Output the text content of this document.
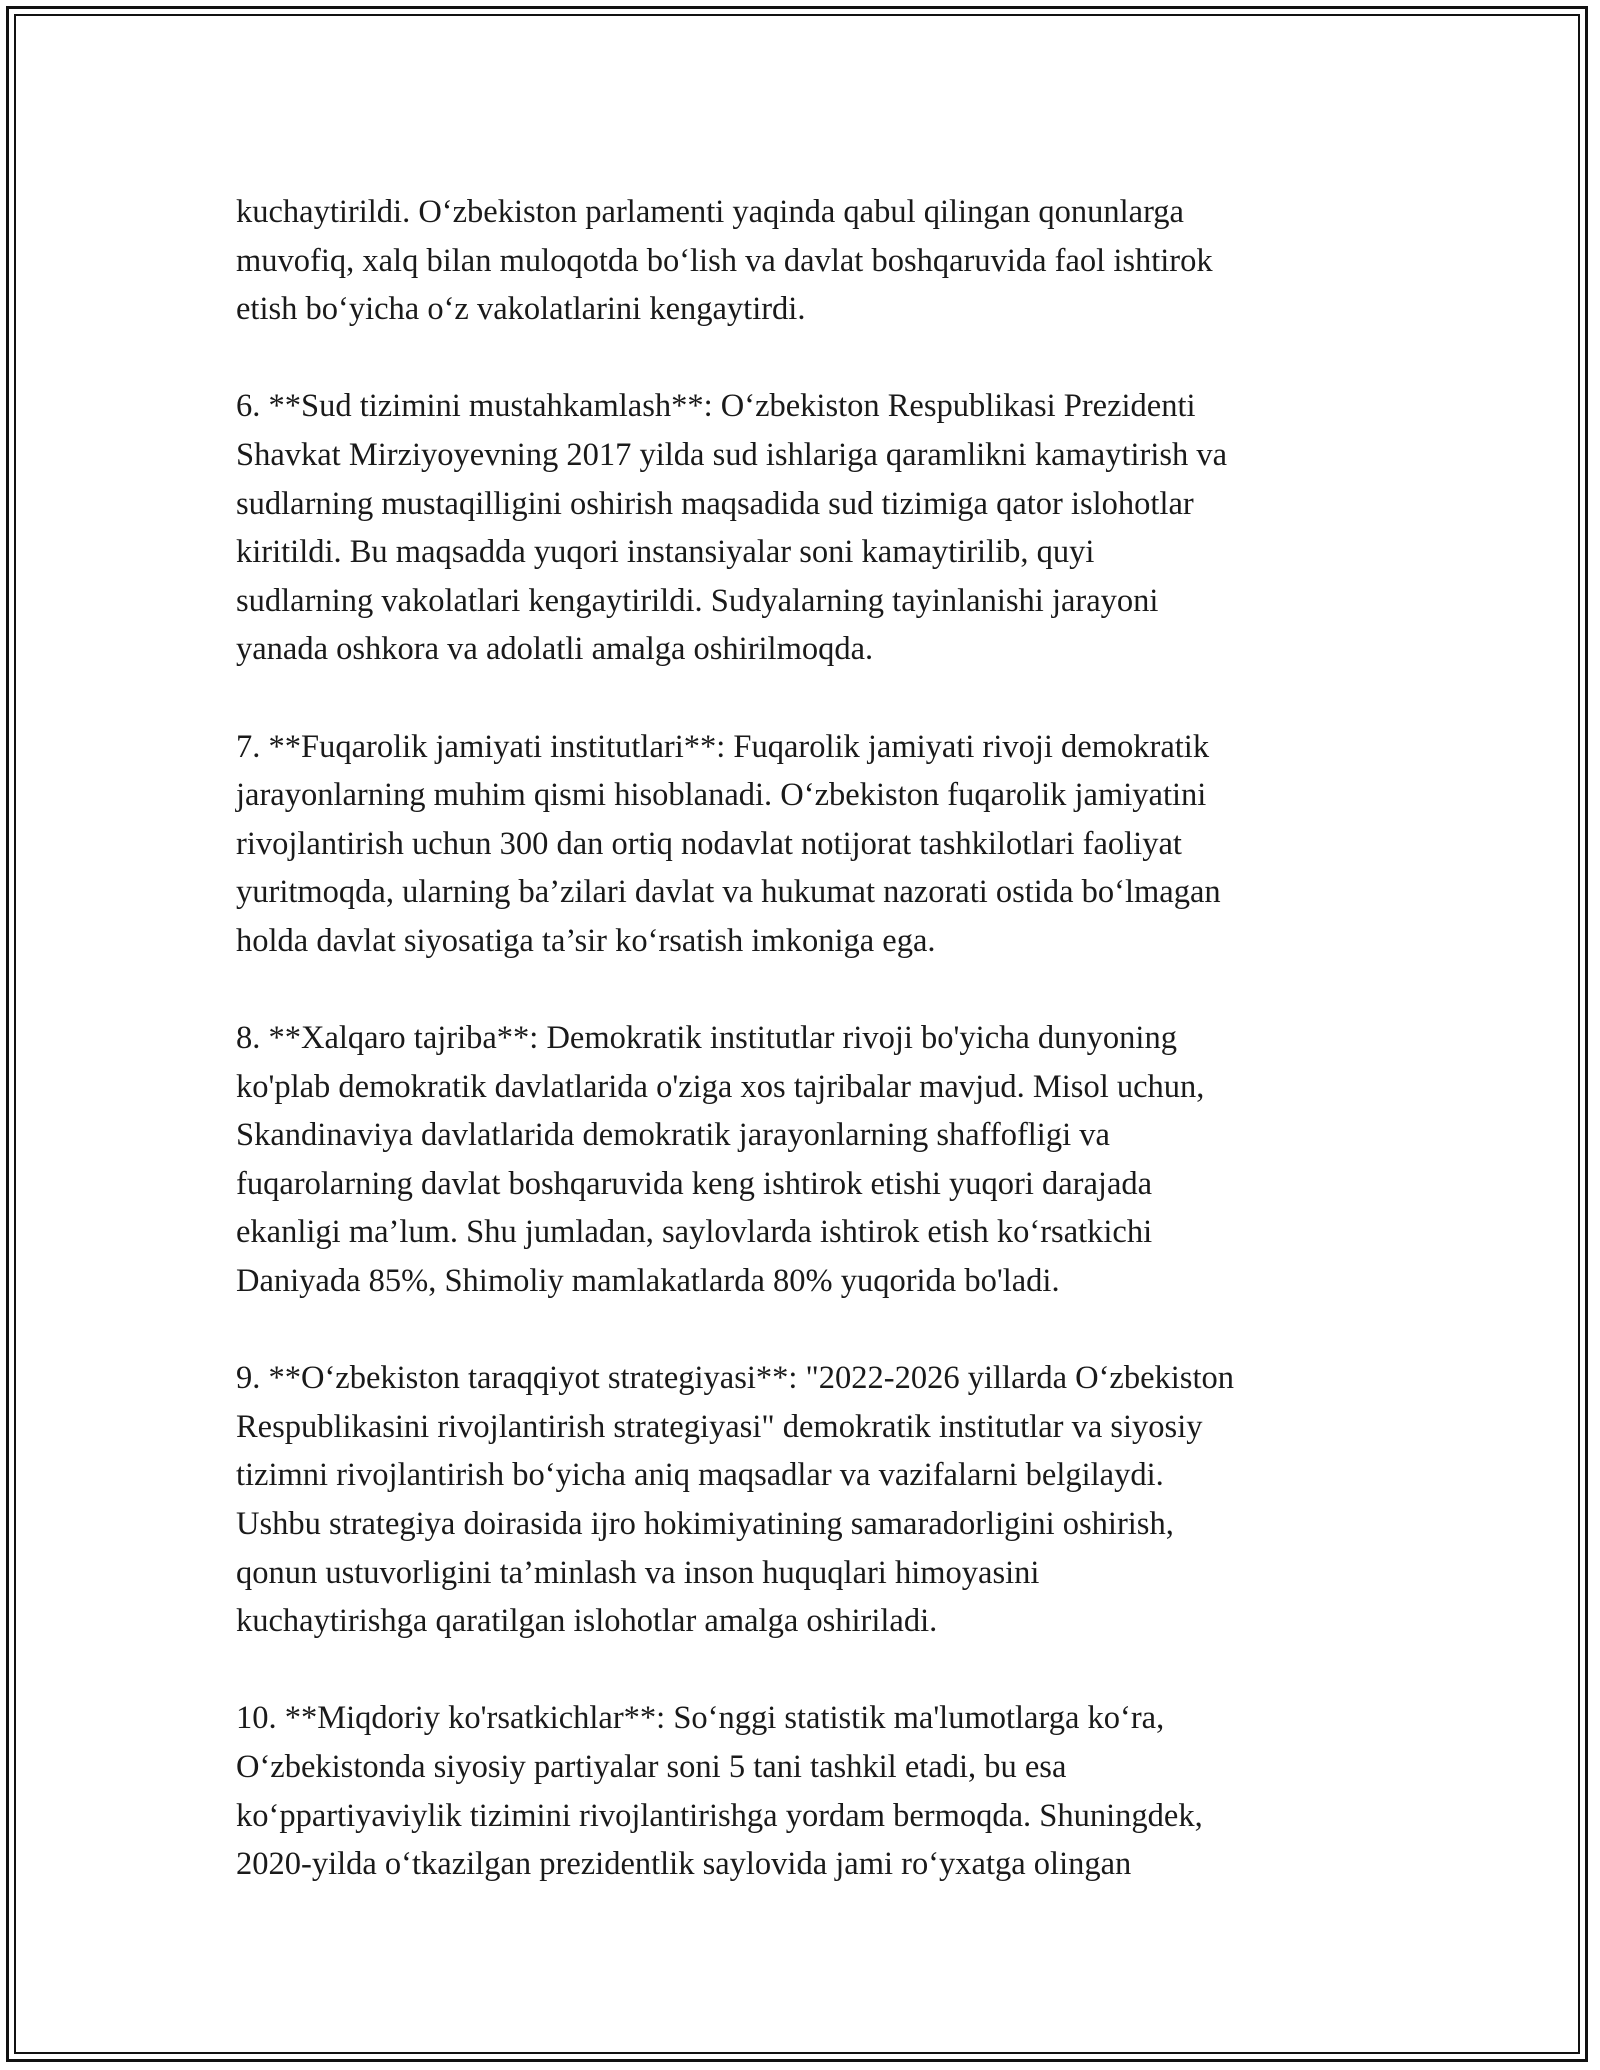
kuchaytirildi. O‘zbekiston parlamenti yaqinda qabul qilingan qonunlarga
muvofiq, xalq bilan muloqotda bo‘lish va davlat boshqaruvida faol ishtirok
etish bo‘yicha o‘z vakolatlarini kengaytirdi.

6. **Sud tizimini mustahkamlash**: O‘zbekiston Respublikasi Prezidenti
Shavkat Mirziyoyevning 2017 yilda sud ishlariga qaramlikni kamaytirish va
sudlarning mustaqilligini oshirish maqsadida sud tizimiga qator islohotlar
kiritildi. Bu maqsadda yuqori instansiyalar soni kamaytirilib, quyi
sudlarning vakolatlari kengaytirildi. Sudyalarning tayinlanishi jarayoni
yanada oshkora va adolatli amalga oshirilmoqda.

7. **Fuqarolik jamiyati institutlari**: Fuqarolik jamiyati rivoji demokratik
jarayonlarning muhim qismi hisoblanadi. O‘zbekiston fuqarolik jamiyatini
rivojlantirish uchun 300 dan ortiq nodavlat notijorat tashkilotlari faoliyat
yuritmoqda, ularning ba’zilari davlat va hukumat nazorati ostida bo‘lmagan
holda davlat siyosatiga ta’sir ko‘rsatish imkoniga ega.

8. **Xalqaro tajriba**: Demokratik institutlar rivoji bo'yicha dunyoning
ko'plab demokratik davlatlarida o'ziga xos tajribalar mavjud. Misol uchun,
Skandinaviya davlatlarida demokratik jarayonlarning shaffofligi va
fuqarolarning davlat boshqaruvida keng ishtirok etishi yuqori darajada
ekanligi ma’lum. Shu jumladan, saylovlarda ishtirok etish ko‘rsatkichi
Daniyada 85%, Shimoliy mamlakatlarda 80% yuqorida bo'ladi.

9. **O‘zbekiston taraqqiyot strategiyasi**: "2022-2026 yillarda O‘zbekiston
Respublikasini rivojlantirish strategiyasi" demokratik institutlar va siyosiy
tizimni rivojlantirish bo‘yicha aniq maqsadlar va vazifalarni belgilaydi.
Ushbu strategiya doirasida ijro hokimiyatining samaradorligini oshirish,
qonun ustuvorligini ta’minlash va inson huquqlari himoyasini
kuchaytirishga qaratilgan islohotlar amalga oshiriladi.

10. **Miqdoriy ko'rsatkichlar**: So‘nggi statistik ma'lumotlarga ko‘ra,
O‘zbekistonda siyosiy partiyalar soni 5 tani tashkil etadi, bu esa
ko‘ppartiyaviylik tizimini rivojlantirishga yordam bermoqda. Shuningdek,
2020-yilda o‘tkazilgan prezidentlik saylovida jami ro‘yxatga olingan
